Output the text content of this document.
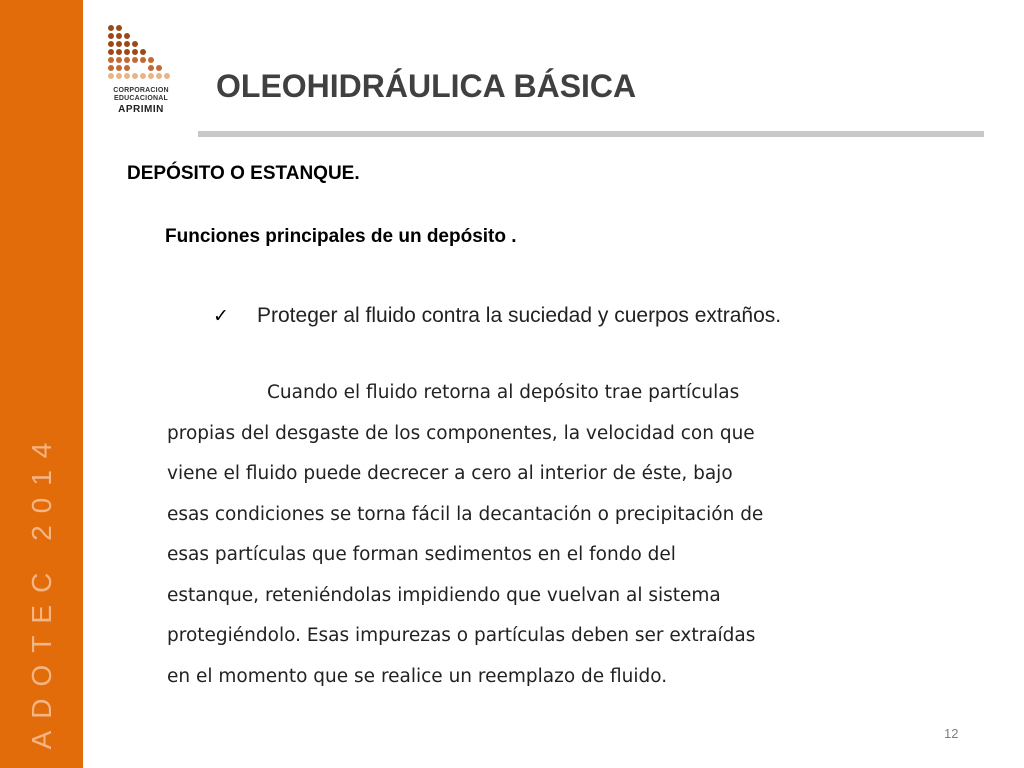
ADOTEC 2014
CORPORACION
EDUCACIONAL
APRIMIN
OLEOHIDRÁULICA BÁSICA
DEPÓSITO O ESTANQUE.
Funciones principales de un depósito .
✓	Proteger al fluido contra la suciedad y cuerpos extraños.

Cuando el fluido retorna al depósito trae partículas
propias del desgaste de los componentes, la velocidad con que
viene el fluido puede decrecer a cero al interior de éste, bajo
esas condiciones se torna fácil la decantación o precipitación de
esas partículas que forman sedimentos en el fondo del
estanque, reteniéndolas impidiendo que vuelvan al sistema
protegiéndolo. Esas impurezas o partículas deben ser extraídas
en el momento que se realice un reemplazo de fluido.

12
